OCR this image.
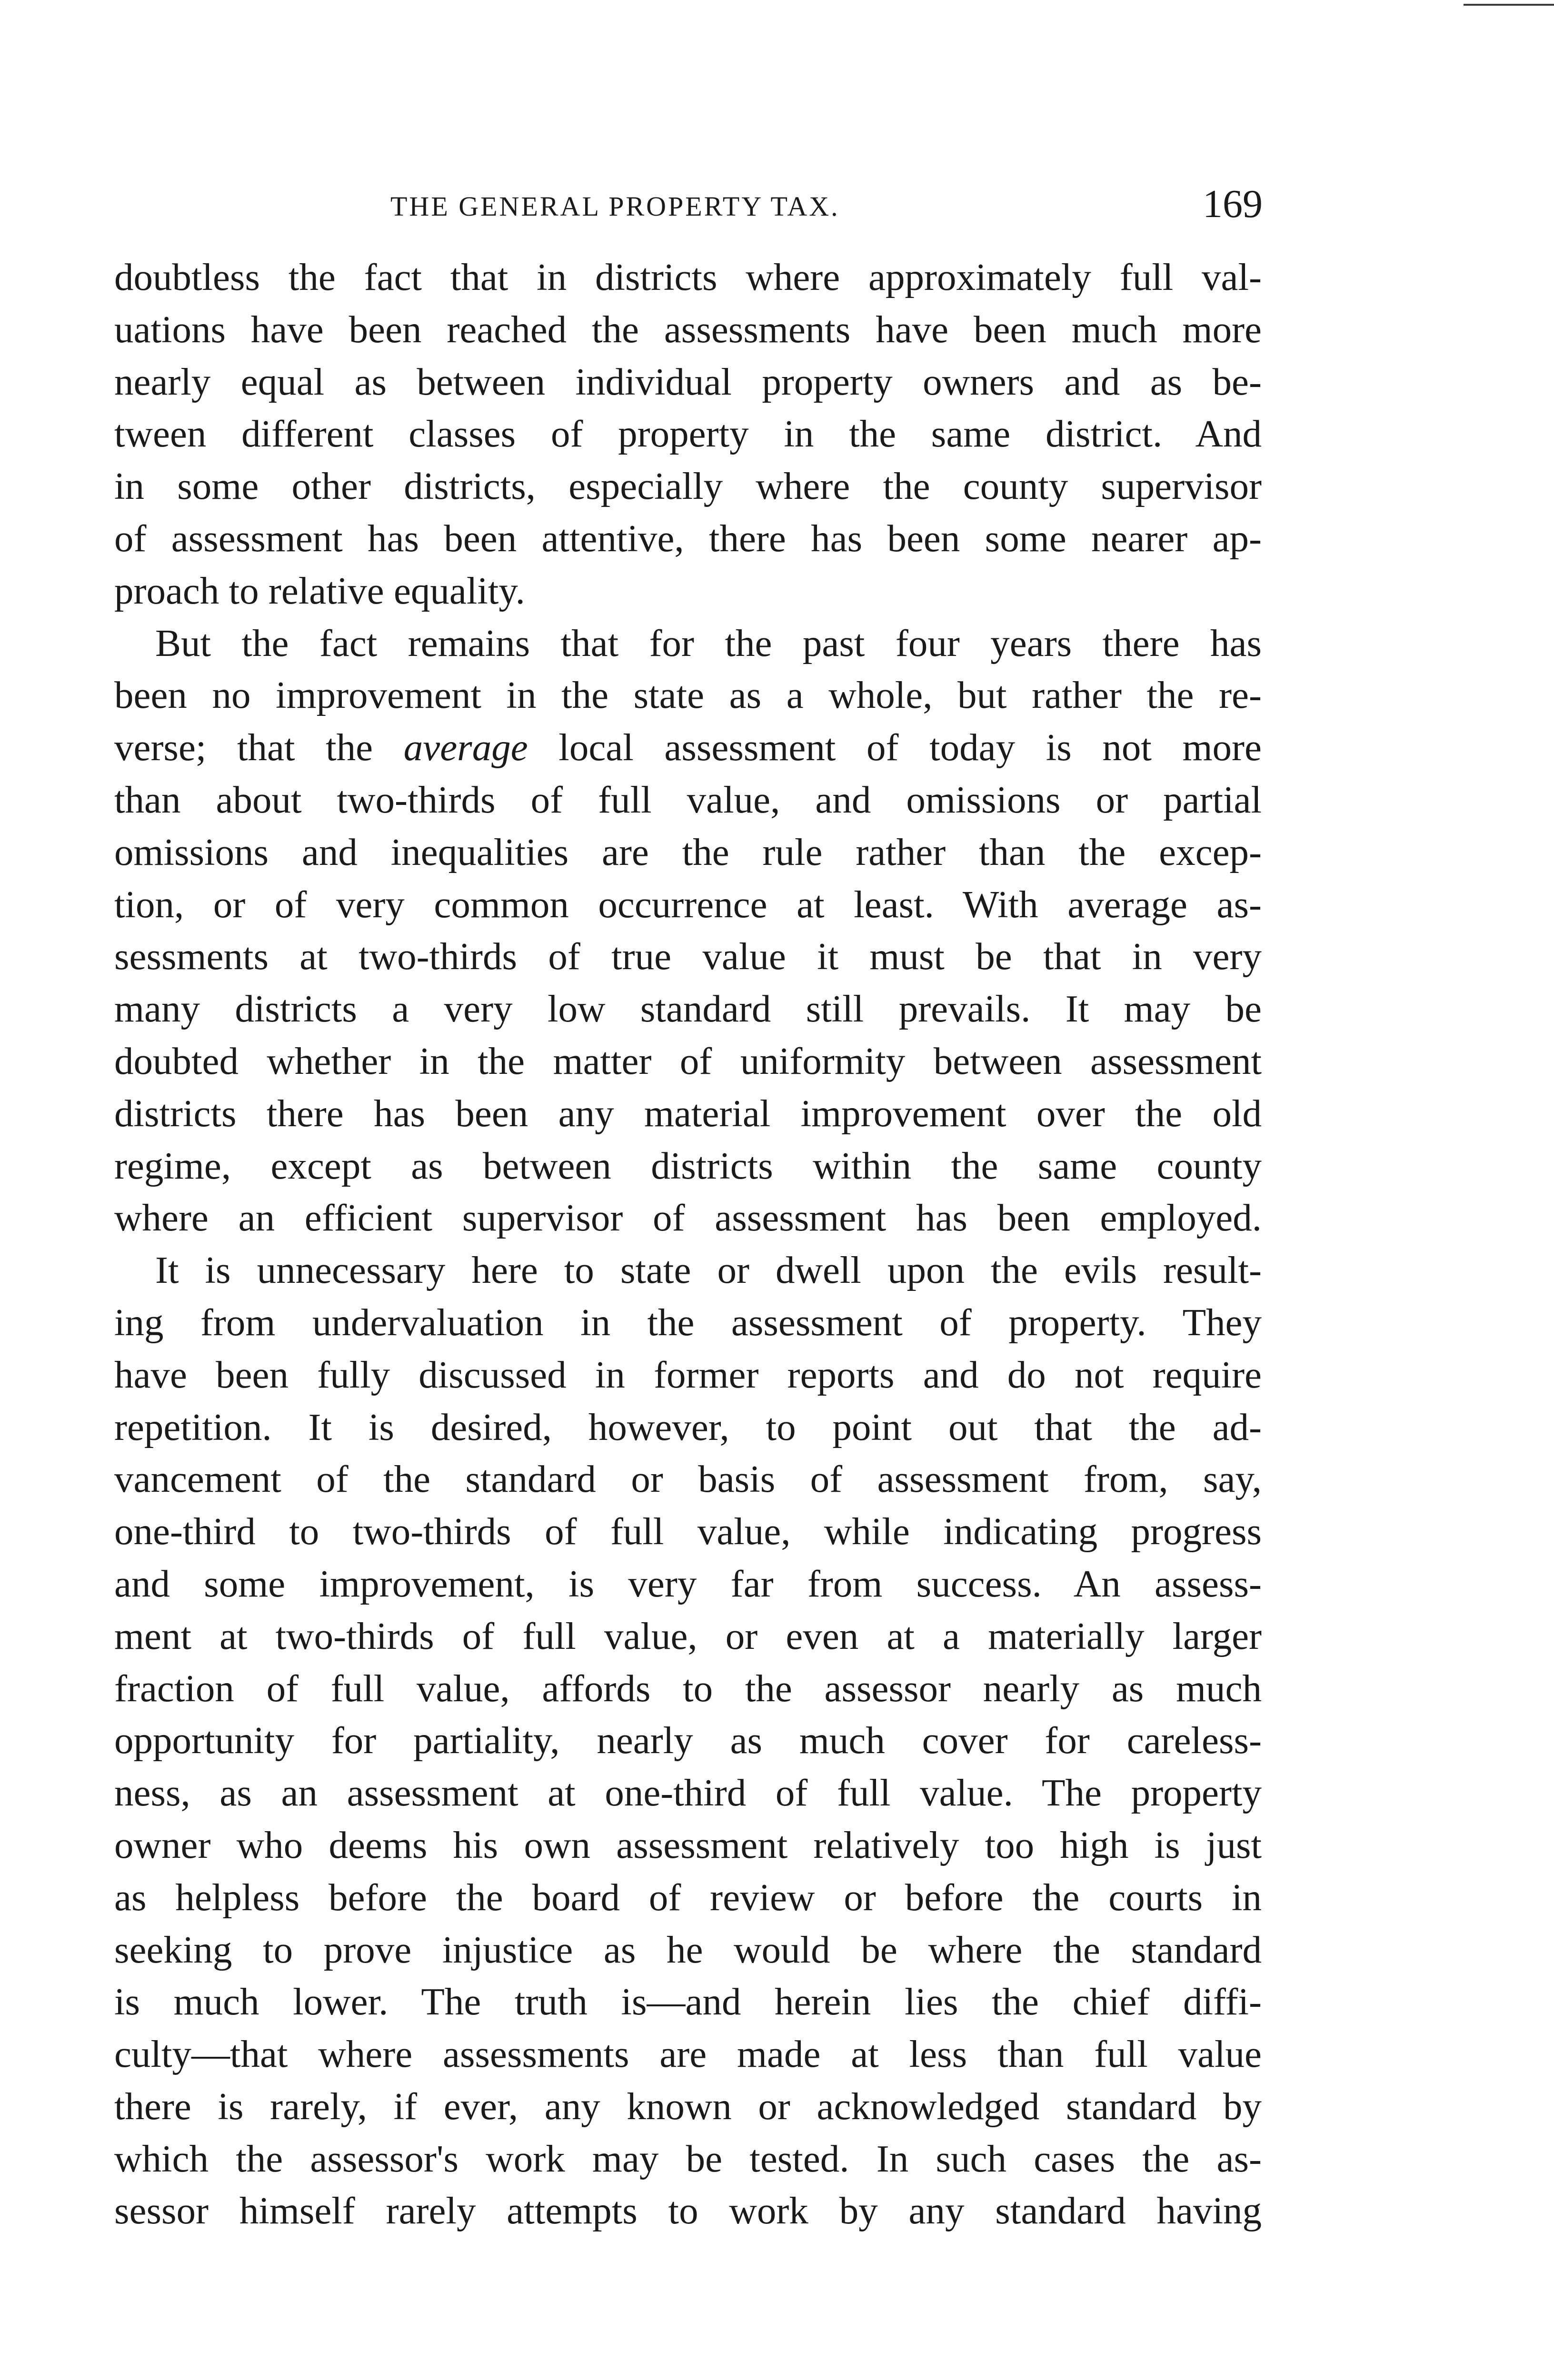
THE GENERAL PROPERTY TAX.	169
doubtless the fact that in districts where approximately full val-
uations have been reached the assessments have been much more
nearly equal as between individual property owners and as be-
tween different classes of property in the same district. And
in some other districts, especially where the county supervisor
of assessment has been attentive, there has been some nearer ap-
proach to relative equality.
But the fact remains that for the past four years there has
been no improvement in the state as a whole, but rather the re-
verse; that the average local assessment of today is not more
than about two-thirds of full value, and omissions or partial
omissions and inequalities are the rule rather than the excep-
tion, or of very common occurrence at least. With average as-
sessments at two-thirds of true value it must be that in very
many districts a very low standard still prevails. It may be
doubted whether in the matter of uniformity between assessment
districts there has been any material improvement over the old
regime, except as between districts within the same county
where an efficient supervisor of assessment has been employed.
It is unnecessary here to state or dwell upon the evils result-
ing from undervaluation in the assessment of property. They
have been fully discussed in former reports and do not require
repetition. It is desired, however, to point out that the ad-
vancement of the standard or basis of assessment from, say,
one-third to two-thirds of full value, while indicating progress
and some improvement, is very far from success. An assess-
ment at two-thirds of full value, or even at a materially larger
fraction of full value, affords to the assessor nearly as much
opportunity for partiality, nearly as much cover for careless-
ness, as an assessment at one-third of full value. The property
owner who deems his own assessment relatively too high is just
as helpless before the board of review or before the courts in
seeking to prove injustice as he would be where the standard
is much lower. The truth is—and herein lies the chief diffi-
culty—that where assessments are made at less than full value
there is rarely, if ever, any known or acknowledged standard by
which the assessor's work may be tested. In such cases the as-
sessor himself rarely attempts to work by any standard having
